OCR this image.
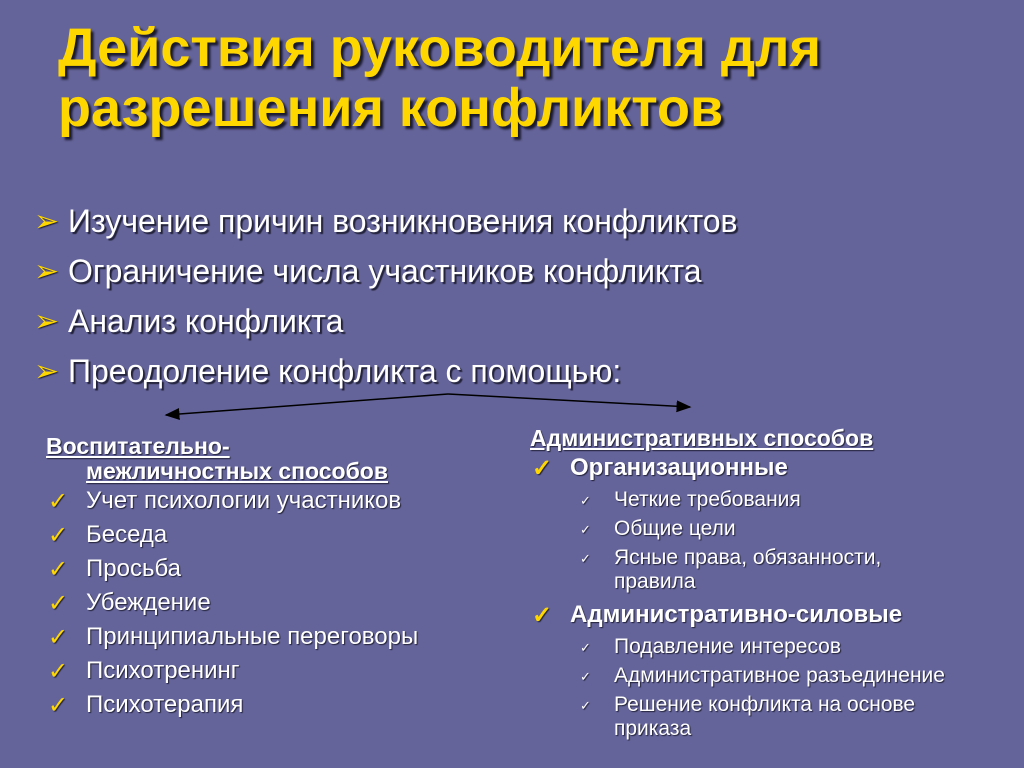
Действия руководителя для
разрешения конфликтов
➢ Изучение причин возникновения конфликтов
➢ Ограничение числа участников конфликта
➢ Анализ конфликта
➢ Преодоление конфликта с помощью:
Воспитательно-
межличностных способов
✓ Учет психологии участников
✓ Беседа
✓ Просьба
✓ Убеждение
✓ Принципиальные переговоры
✓ Психотренинг
✓ Психотерапия
Административных способов
✓ Организационные
✓	Четкие требования
✓	Общие цели
✓	Ясные права, обязанности, правила
✓ Административно-силовые
✓	Подавление интересов
✓	Административное разъединение
✓	Решение конфликта на основе приказа
